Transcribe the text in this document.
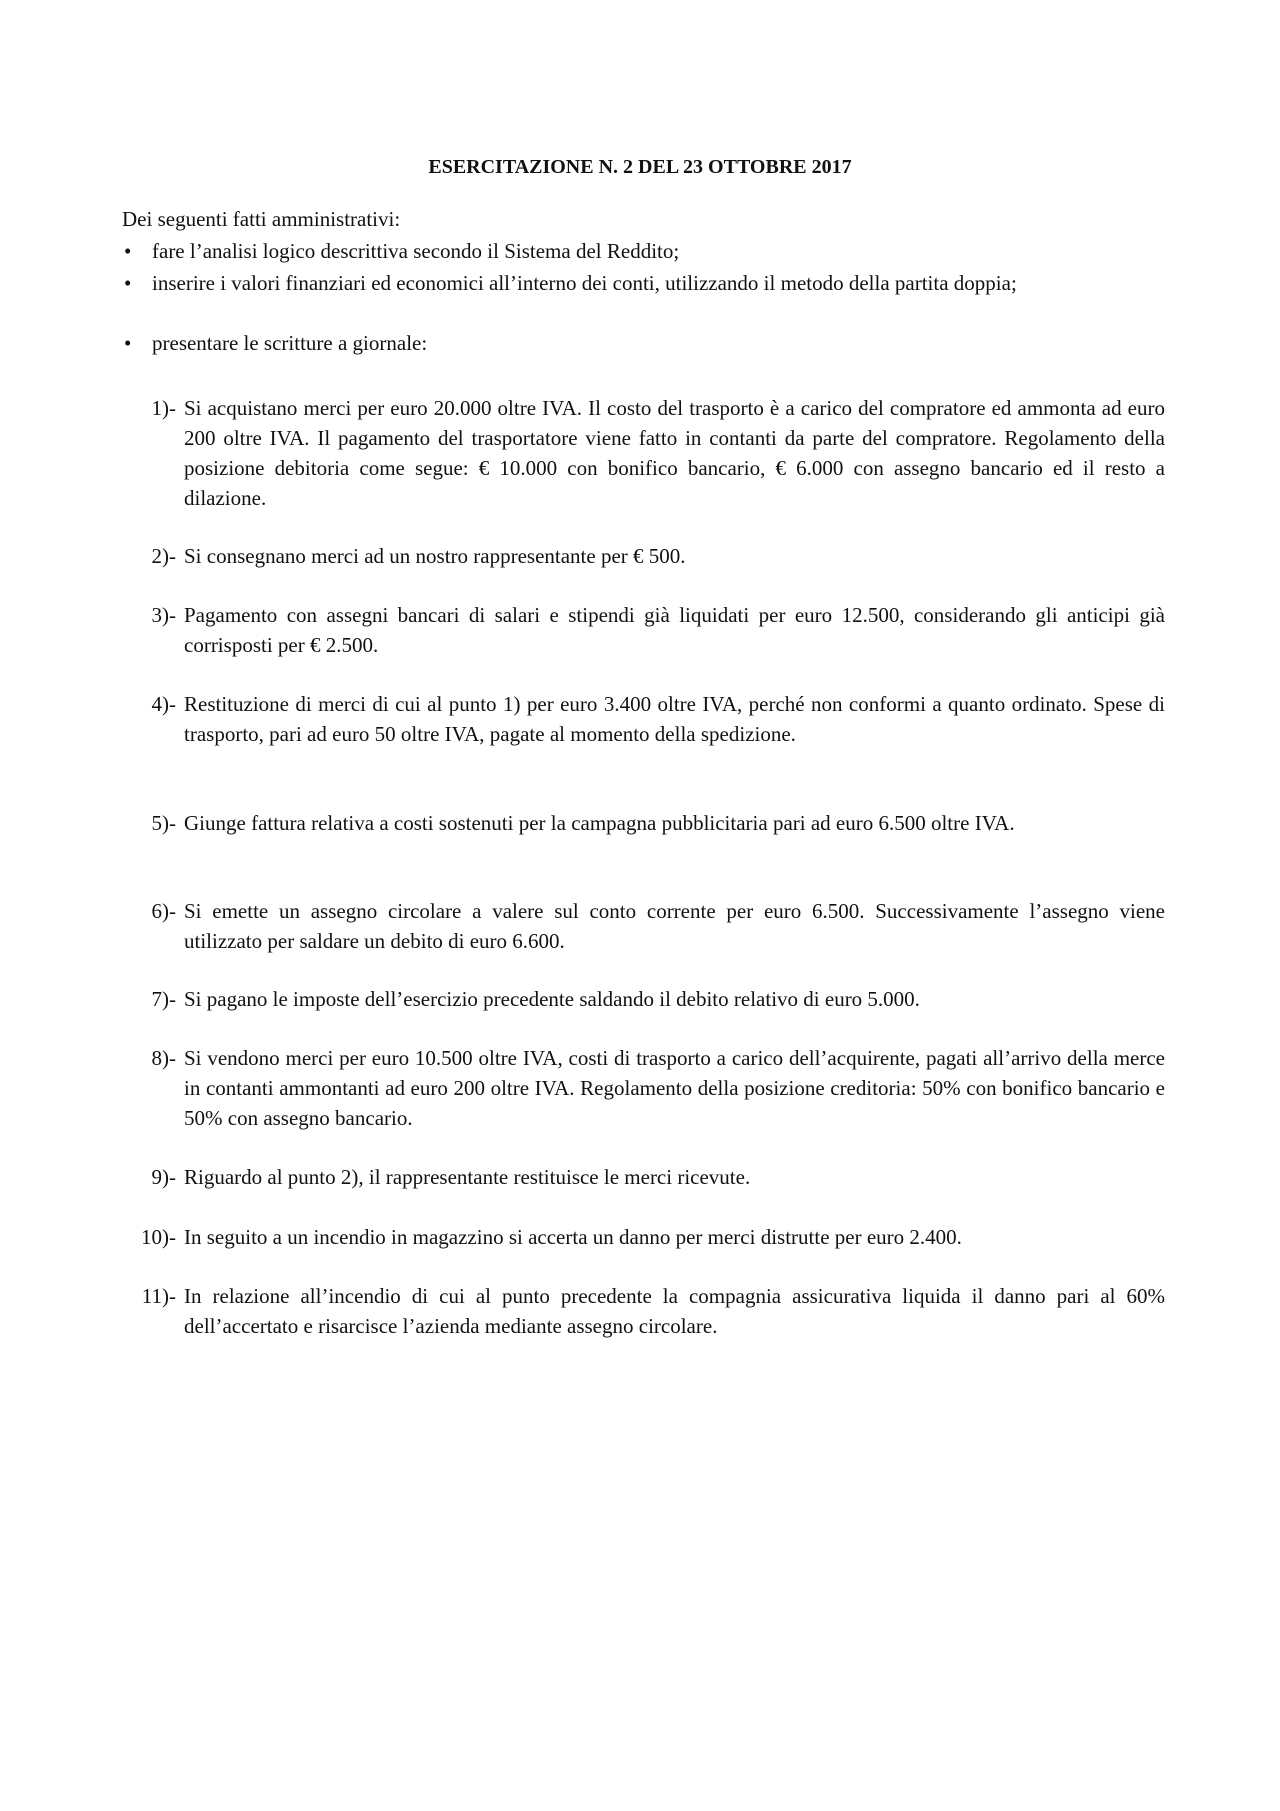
ESERCITAZIONE N. 2 DEL 23 OTTOBRE 2017
Dei seguenti fatti amministrativi:
• fare l’analisi logico descrittiva secondo il Sistema del Reddito;
• inserire i valori finanziari ed economici all’interno dei conti, utilizzando il metodo della partita doppia;
• presentare le scritture a giornale:
1)- Si acquistano merci per euro 20.000 oltre IVA. Il costo del trasporto è a carico del compratore ed ammonta ad euro 200 oltre IVA. Il pagamento del trasportatore viene fatto in contanti da parte del compratore. Regolamento della posizione debitoria come segue: € 10.000 con bonifico bancario, € 6.000 con assegno bancario ed il resto a dilazione.
2)- Si consegnano merci ad un nostro rappresentante per € 500.
3)- Pagamento con assegni bancari di salari e stipendi già liquidati per euro 12.500, considerando gli anticipi già corrisposti per € 2.500.
4)- Restituzione di merci di cui al punto 1) per euro 3.400 oltre IVA, perché non conformi a quanto ordinato. Spese di trasporto, pari ad euro 50 oltre IVA, pagate al momento della spedizione.
5)- Giunge fattura relativa a costi sostenuti per la campagna pubblicitaria pari ad euro 6.500 oltre IVA.
6)- Si emette un assegno circolare a valere sul conto corrente per euro 6.500. Successivamente l’assegno viene utilizzato per saldare un debito di euro 6.600.
7)- Si pagano le imposte dell’esercizio precedente saldando il debito relativo di euro 5.000.
8)- Si vendono merci per euro 10.500 oltre IVA, costi di trasporto a carico dell’acquirente, pagati all’arrivo della merce in contanti ammontanti ad euro 200 oltre IVA. Regolamento della posizione creditoria: 50% con bonifico bancario e 50% con assegno bancario.
9)- Riguardo al punto 2), il rappresentante restituisce le merci ricevute.
10)- In seguito a un incendio in magazzino si accerta un danno per merci distrutte per euro 2.400.
11)- In relazione all’incendio di cui al punto precedente la compagnia assicurativa liquida il danno pari al 60% dell’accertato e risarcisce l’azienda mediante assegno circolare.
